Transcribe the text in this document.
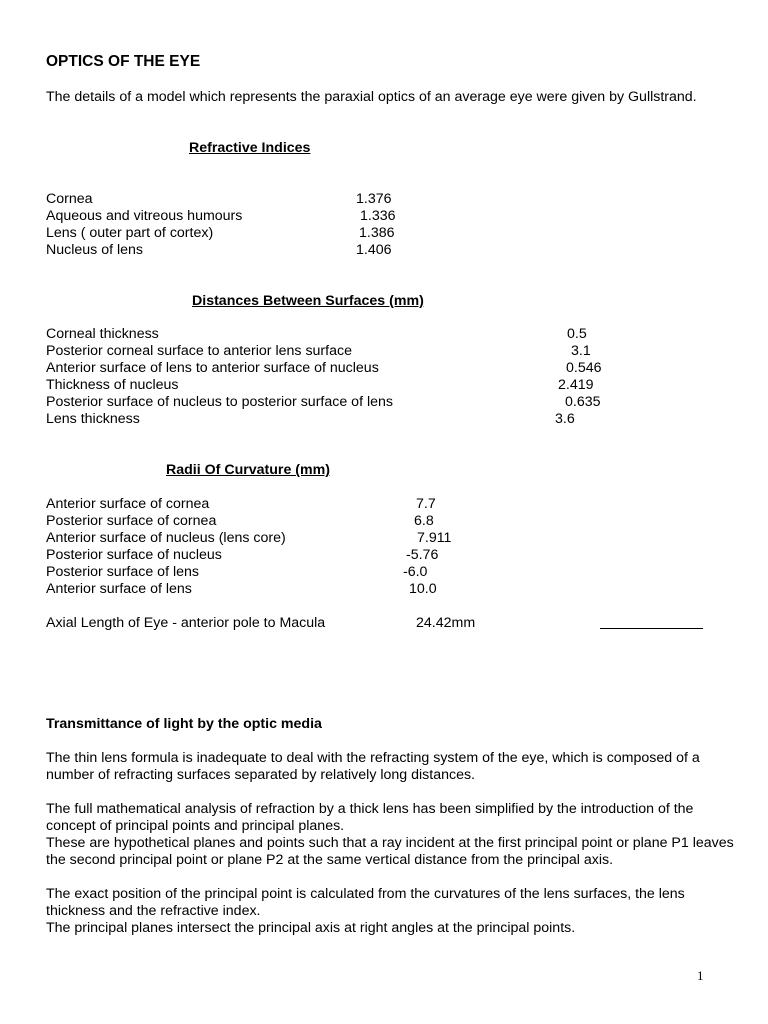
OPTICS OF THE EYE
The details of a model which represents the paraxial optics of an average eye were given by Gullstrand.
Refractive Indices
Cornea	1.376
Aqueous and vitreous humours	1.336
Lens ( outer part of cortex)	1.386
Nucleus of lens	1.406
Distances Between Surfaces (mm)
Corneal thickness	0.5
Posterior corneal surface to anterior lens surface	3.1
Anterior surface of lens to anterior surface of nucleus	0.546
Thickness of nucleus	2.419
Posterior surface of nucleus to posterior surface of lens	0.635
Lens thickness	3.6
Radii Of Curvature (mm)
Anterior surface of cornea	7.7
Posterior surface of cornea	6.8
Anterior surface of nucleus (lens core)	7.911
Posterior surface of nucleus	-5.76
Posterior surface of lens	-6.0
Anterior surface of lens	10.0
Axial Length of Eye - anterior pole to Macula	24.42mm
Transmittance of light by the optic media
The thin lens formula is inadequate to deal with the refracting system of the eye, which is composed of a number of refracting surfaces separated by relatively long distances.
The full mathematical analysis of refraction by a thick lens has been simplified by the introduction of the concept of principal points and principal planes.
These are hypothetical planes and points such that a ray incident at the first principal point or plane P1 leaves the second principal point or plane P2 at the same vertical distance from the principal axis.
The exact position of the principal point is calculated from the curvatures of the lens surfaces, the lens thickness and the refractive index.
The principal planes intersect the principal axis at right angles at the principal points.
1
